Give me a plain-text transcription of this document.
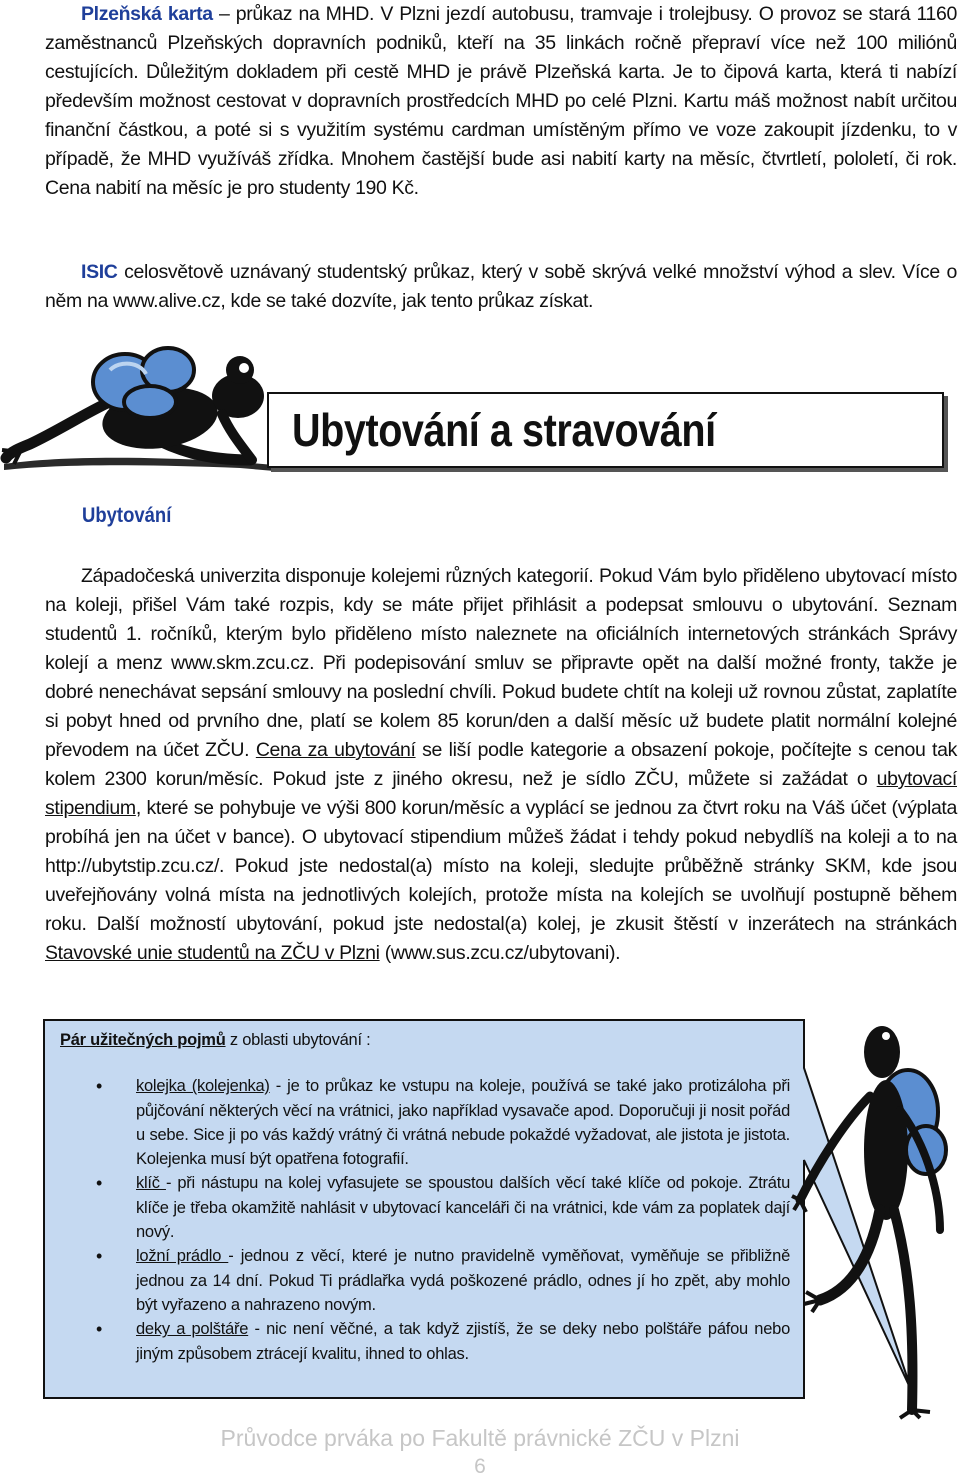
Plzeňská karta – průkaz na MHD. V Plzni jezdí autobusu, tramvaje i trolejbusy. O provoz se stará 1160 zaměstnanců Plzeňských dopravních podniků, kteří na 35 linkách ročně přepraví více než 100 miliónů cestujících. Důležitým dokladem při cestě MHD je právě Plzeňská karta. Je to čipová karta, která ti nabízí především možnost cestovat v dopravních prostředcích MHD po celé Plzni. Kartu máš možnost nabít určitou finanční částkou, a poté si s využitím systému cardman umístěným přímo ve voze zakoupit jízdenku, to v případě, že MHD využíváš zřídka. Mnohem častější bude asi nabití karty na měsíc, čtvrtletí, pololetí, či rok. Cena nabití na měsíc je pro studenty 190 Kč.
ISIC celosvětově uznávaný studentský průkaz, který v sobě skrývá velké množství výhod a slev. Více o něm na www.alive.cz, kde se také dozvíte, jak tento průkaz získat.
Ubytování a stravování
Ubytování
Západočeská univerzita disponuje kolejemi různých kategorií. Pokud Vám bylo přiděleno ubytovací místo na koleji, přišel Vám také rozpis, kdy se máte přijet přihlásit a podepsat smlouvu o ubytování. Seznam studentů 1. ročníků, kterým bylo přiděleno místo naleznete na oficiálních internetových stránkách Správy kolejí a menz www.skm.zcu.cz. Při podepisování smluv se připravte opět na další možné fronty, takže je dobré nenechávat sepsání smlouvy na poslední chvíli. Pokud budete chtít na koleji už rovnou zůstat, zaplatíte si pobyt hned od prvního dne, platí se kolem 85 korun/den a další měsíc už budete platit normální kolejné převodem na účet ZČU. Cena za ubytování se liší podle kategorie a obsazení pokoje, počítejte s cenou tak kolem 2300 korun/měsíc. Pokud jste z jiného okresu, než je sídlo ZČU, můžete si zažádat o ubytovací stipendium, které se pohybuje ve výši 800 korun/měsíc a vyplácí se jednou za čtvrt roku na Váš účet (výplata probíhá jen na účet v bance). O ubytovací stipendium můžeš žádat i tehdy pokud nebydlíš na koleji a to na http://ubytstip.zcu.cz/. Pokud jste nedostal(a) místo na koleji, sledujte průběžně stránky SKM, kde jsou uveřejňovány volná místa na jednotlivých kolejích, protože místa na kolejích se uvolňují postupně během roku. Další možností ubytování, pokud jste nedostal(a) kolej, je zkusit štěstí v inzerátech na stránkách Stavovské unie studentů na ZČU v Plzni (www.sus.zcu.cz/ubytovani).
Pár užitečných pojmů z oblasti ubytování :
• kolejka (kolejenka) - je to průkaz ke vstupu na koleje, používá se také jako protizáloha při půjčování některých věcí na vrátnici, jako například vysavače apod. Doporučuji ji nosit pořád u sebe. Sice ji po vás každý vrátný či vrátná nebude pokaždé vyžadovat, ale jistota je jistota. Kolejenka musí být opatřena fotografií.
• klíč - při nástupu na kolej vyfasujete se spoustou dalších věcí také klíče od pokoje. Ztrátu klíče je třeba okamžitě nahlásit v ubytovací kanceláři či na vrátnici, kde vám za poplatek dají nový.
• ložní prádlo - jednou z věcí, které je nutno pravidelně vyměňovat, vyměňuje se přibližně jednou za 14 dní. Pokud Ti prádlařka vydá poškozené prádlo, odnes jí ho zpět, aby mohlo být vyřazeno a nahrazeno novým.
• deky a polštáře - nic není věčné, a tak když zjistíš, že se deky nebo polštáře páfou nebo jiným způsobem ztrácejí kvalitu, ihned to ohlas.
Průvodce prváka po Fakultě právnické ZČU v Plzni
6
